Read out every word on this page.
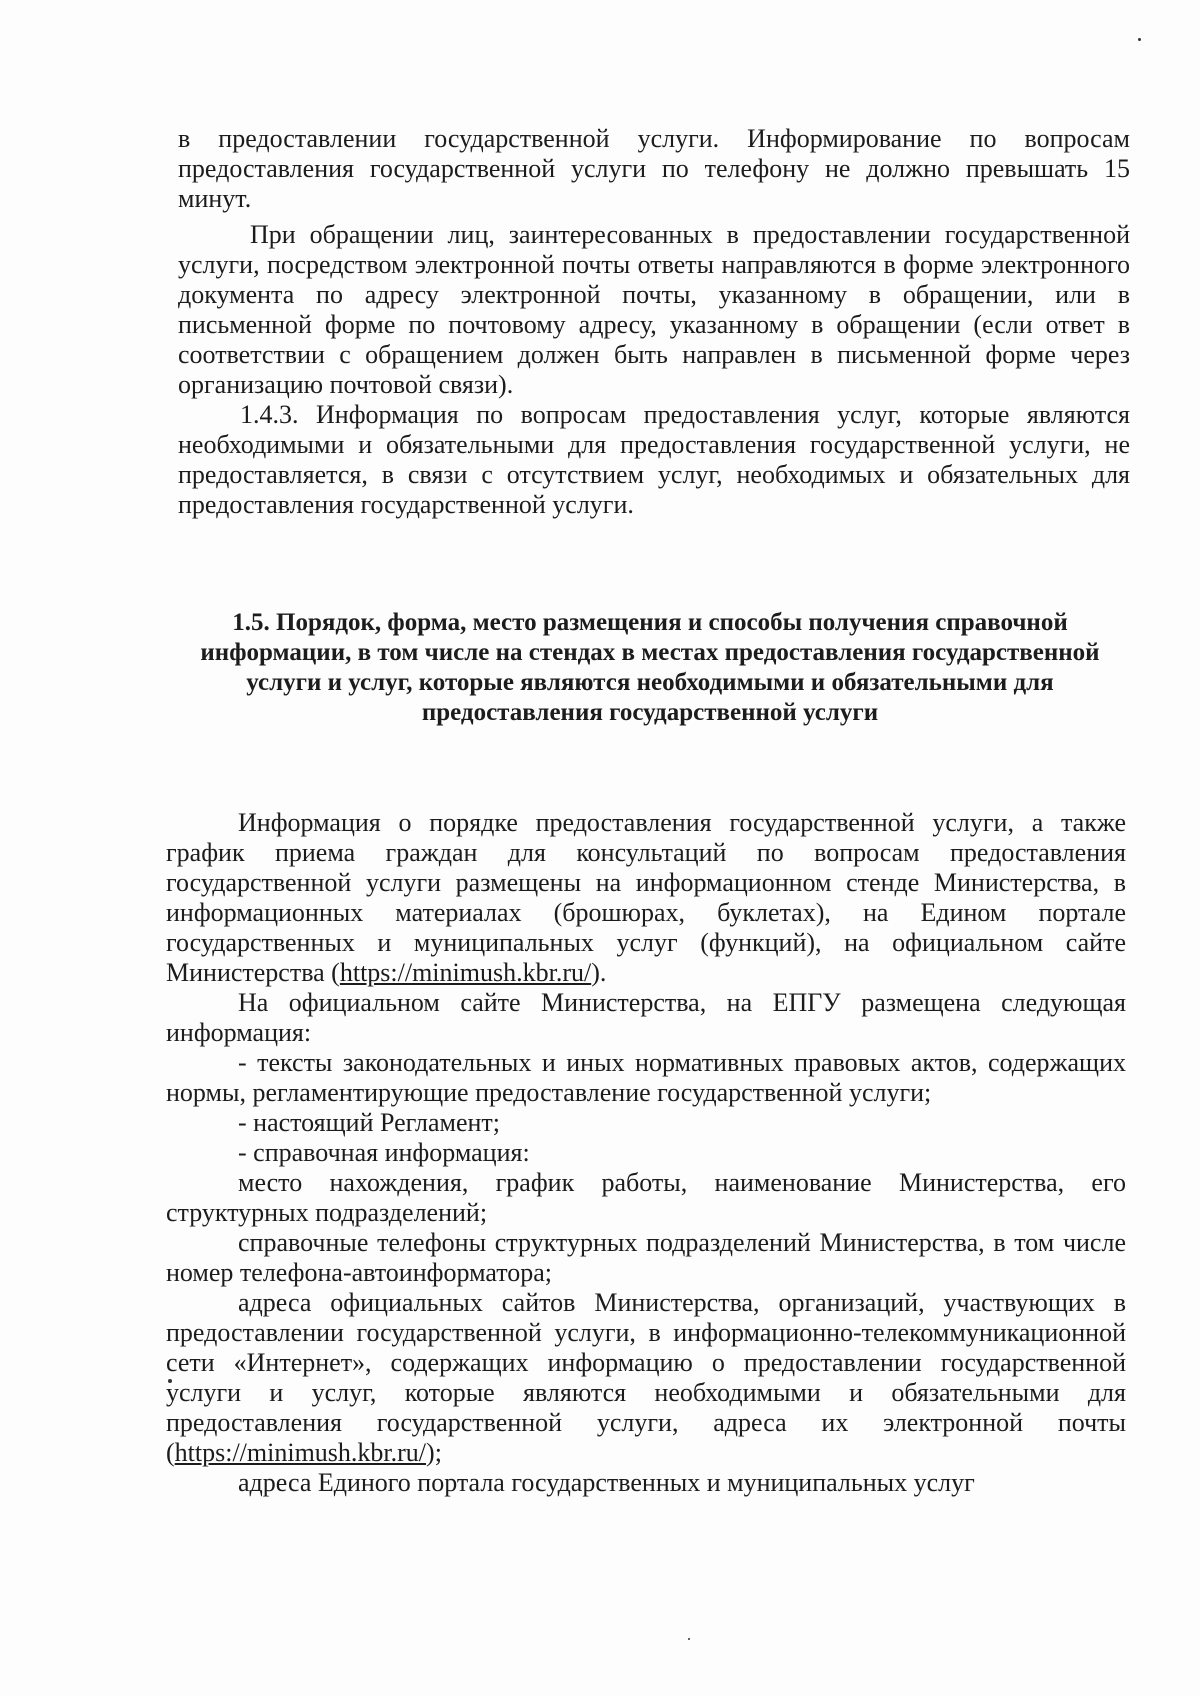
в предоставлении государственной услуги. Информирование по вопросам предоставления государственной услуги по телефону не должно превышать 15 минут.

При обращении лиц, заинтересованных в предоставлении государственной услуги, посредством электронной почты ответы направляются в форме электронного документа по адресу электронной почты, указанному в обращении, или в письменной форме по почтовому адресу, указанному в обращении (если ответ в соответствии с обращением должен быть направлен в письменной форме через организацию почтовой связи).

1.4.3. Информация по вопросам предоставления услуг, которые являются необходимыми и обязательными для предоставления государственной услуги, не предоставляется, в связи с отсутствием услуг, необходимых и обязательных для предоставления государственной услуги.

1.5. Порядок, форма, место размещения и способы получения справочной информации, в том числе на стендах в местах предоставления государственной услуги и услуг, которые являются необходимыми и обязательными для предоставления государственной услуги

Информация о порядке предоставления государственной услуги, а также график приема граждан для консультаций по вопросам предоставления государственной услуги размещены на информационном стенде Министерства, в информационных материалах (брошюрах, буклетах), на Едином портале государственных и муниципальных услуг (функций), на официальном сайте Министерства (https://minimush.kbr.ru/).

На официальном сайте Министерства, на ЕПГУ размещена следующая информация:

- тексты законодательных и иных нормативных правовых актов, содержащих нормы, регламентирующие предоставление государственной услуги;

- настоящий Регламент;

- справочная информация:

место нахождения, график работы, наименование Министерства, его структурных подразделений;

справочные телефоны структурных подразделений Министерства, в том числе номер телефона-автоинформатора;

адреса официальных сайтов Министерства, организаций, участвующих в предоставлении государственной услуги, в информационно-телекоммуникационной сети «Интернет», содержащих информацию о предоставлении государственной услуги и услуг, которые являются необходимыми и обязательными для предоставления государственной услуги, адреса их электронной почты (https://minimush.kbr.ru/);

адреса Единого портала государственных и муниципальных услуг
